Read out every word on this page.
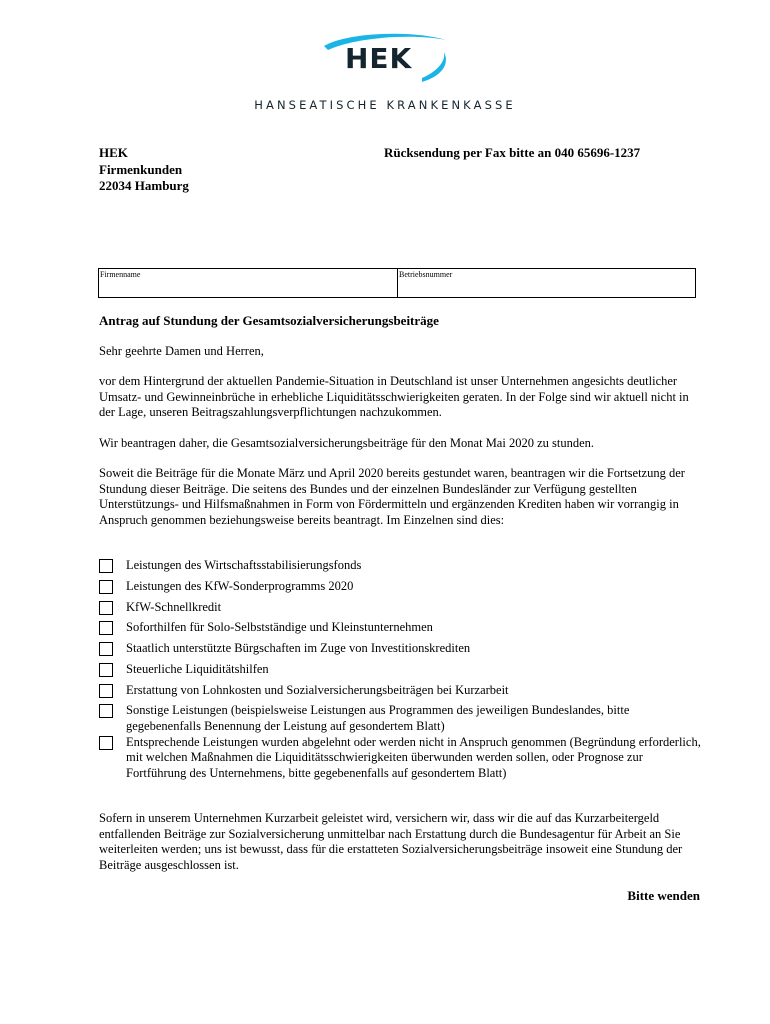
HEK
HANSEATISCHE KRANKENKASSE
HEK
Firmenkunden
22034 Hamburg
Rücksendung per Fax bitte an 040 65696-1237
Firmenname	Betriebsnummer
Antrag auf Stundung der Gesamtsozialversicherungsbeiträge
Sehr geehrte Damen und Herren,
vor dem Hintergrund der aktuellen Pandemie-Situation in Deutschland ist unser Unternehmen angesichts deutlicher Umsatz- und Gewinneinbrüche in erhebliche Liquiditätsschwierigkeiten geraten. In der Folge sind wir aktuell nicht in der Lage, unseren Beitragszahlungsverpflichtungen nachzukommen.
Wir beantragen daher, die Gesamtsozialversicherungsbeiträge für den Monat Mai 2020 zu stunden.
Soweit die Beiträge für die Monate März und April 2020 bereits gestundet waren, beantragen wir die Fortsetzung der Stundung dieser Beiträge. Die seitens des Bundes und der einzelnen Bundesländer zur Verfügung gestellten Unterstützungs- und Hilfsmaßnahmen in Form von Fördermitteln und ergänzenden Krediten haben wir vorrangig in Anspruch genommen beziehungsweise bereits beantragt. Im Einzelnen sind dies:
Leistungen des Wirtschaftsstabilisierungsfonds
Leistungen des KfW-Sonderprogramms 2020
KfW-Schnellkredit
Soforthilfen für Solo-Selbstständige und Kleinstunternehmen
Staatlich unterstützte Bürgschaften im Zuge von Investitionskrediten
Steuerliche Liquiditätshilfen
Erstattung von Lohnkosten und Sozialversicherungsbeiträgen bei Kurzarbeit
Sonstige Leistungen (beispielsweise Leistungen aus Programmen des jeweiligen Bundeslandes, bitte gegebenenfalls Benennung der Leistung auf gesondertem Blatt)
Entsprechende Leistungen wurden abgelehnt oder werden nicht in Anspruch genommen (Begründung erforderlich, mit welchen Maßnahmen die Liquiditätsschwierigkeiten überwunden werden sollen, oder Prognose zur Fortführung des Unternehmens, bitte gegebenenfalls auf gesondertem Blatt)
Sofern in unserem Unternehmen Kurzarbeit geleistet wird, versichern wir, dass wir die auf das Kurzarbeitergeld entfallenden Beiträge zur Sozialversicherung unmittelbar nach Erstattung durch die Bundesagentur für Arbeit an Sie weiterleiten werden; uns ist bewusst, dass für die erstatteten Sozialversicherungsbeiträge insoweit eine Stundung der Beiträge ausgeschlossen ist.
Bitte wenden
